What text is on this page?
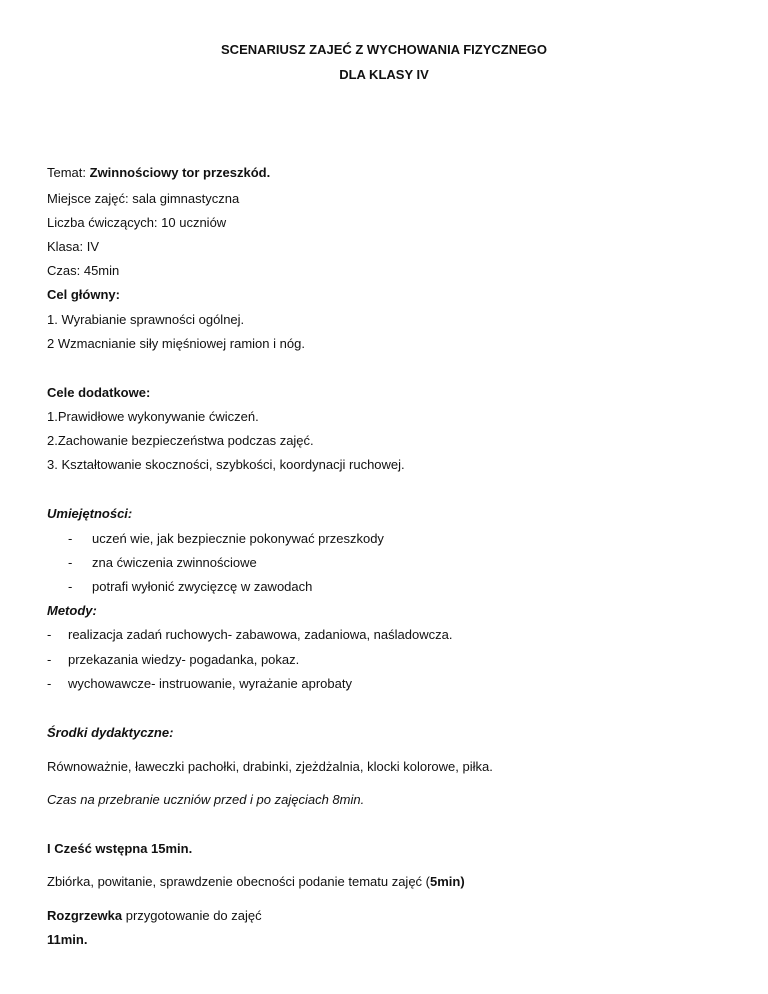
SCENARIUSZ ZAJEĆ Z WYCHOWANIA FIZYCZNEGO
DLA KLASY IV
Temat: Zwinnościowy tor przeszkód.
Miejsce zajęć: sala gimnastyczna
Liczba ćwiczących: 10 uczniów
Klasa: IV
Czas: 45min
Cel główny:
1. Wyrabianie sprawności ogólnej.
2 Wzmacnianie siły mięśniowej ramion i nóg.
Cele dodatkowe:
1.Prawidłowe wykonywanie ćwiczeń.
2.Zachowanie bezpieczeństwa podczas zajęć.
3. Kształtowanie skoczności, szybkości, koordynacji ruchowej.
Umiejętności:
- uczeń wie, jak bezpiecznie pokonywać przeszkody
- zna ćwiczenia zwinnościowe
- potrafi wyłonić zwycięzcę w zawodach
Metody:
- realizacja zadań ruchowych- zabawowa, zadaniowa, naśladowcza.
- przekazania wiedzy- pogadanka, pokaz.
- wychowawcze- instruowanie, wyrażanie aprobaty
Środki dydaktyczne:
Równoważnie, ławeczki pachołki, drabinki, zjeżdżalnia, klocki kolorowe, piłka.
Czas na przebranie uczniów przed i po zajęciach 8min.
I Cześć wstępna 15min.
Zbiórka, powitanie, sprawdzenie obecności podanie tematu zajęć (5min)
Rozgrzewka przygotowanie do zajęć
11min.
